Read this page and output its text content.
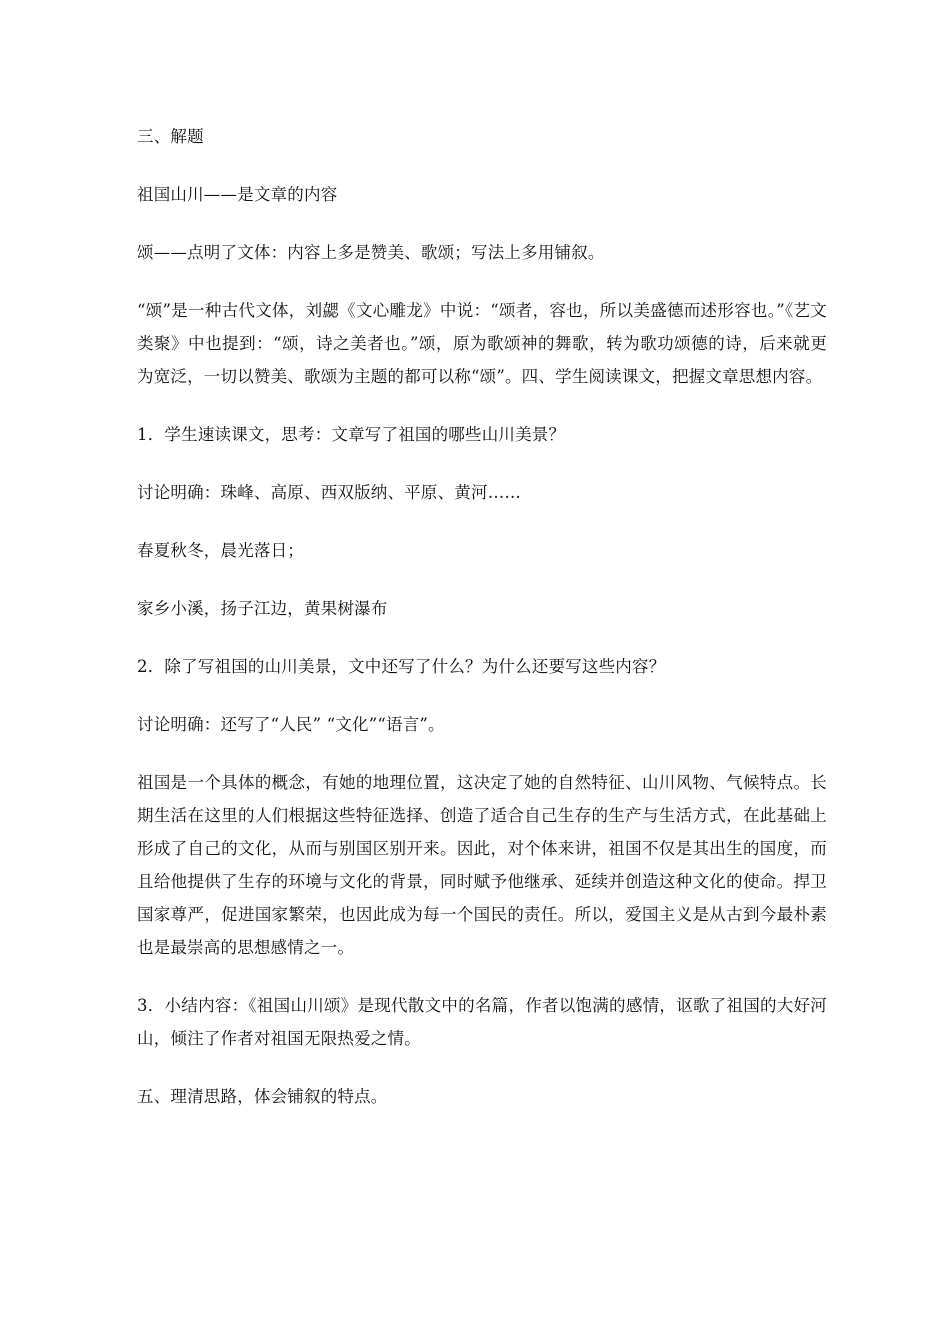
三、解题

祖国山川——是文章的内容

颂——点明了文体：内容上多是赞美、歌颂；写法上多用铺叙。

“颂”是一种古代文体，刘勰《文心雕龙》中说：“颂者，容也，所以美盛德而述形容也。”《艺文类聚》中也提到：“颂，诗之美者也。”颂，原为歌颂神的舞歌，转为歌功颂德的诗，后来就更为宽泛，一切以赞美、歌颂为主题的都可以称“颂”。四、学生阅读课文，把握文章思想内容。

1．学生速读课文，思考：文章写了祖国的哪些山川美景？

讨论明确：珠峰、高原、西双版纳、平原、黄河……

春夏秋冬，晨光落日；

家乡小溪，扬子江边，黄果树瀑布

2．除了写祖国的山川美景，文中还写了什么？为什么还要写这些内容？

讨论明确：还写了“人民” “文化”“语言”。

祖国是一个具体的概念，有她的地理位置，这决定了她的自然特征、山川风物、气候特点。长期生活在这里的人们根据这些特征选择、创造了适合自己生存的生产与生活方式，在此基础上形成了自己的文化，从而与别国区别开来。因此，对个体来讲，祖国不仅是其出生的国度，而且给他提供了生存的环境与文化的背景，同时赋予他继承、延续并创造这种文化的使命。捍卫国家尊严，促进国家繁荣，也因此成为每一个国民的责任。所以，爱国主义是从古到今最朴素也是最崇高的思想感情之一。

3．小结内容：《祖国山川颂》是现代散文中的名篇，作者以饱满的感情，讴歌了祖国的大好河山，倾注了作者对祖国无限热爱之情。

五、理清思路，体会铺叙的特点。
